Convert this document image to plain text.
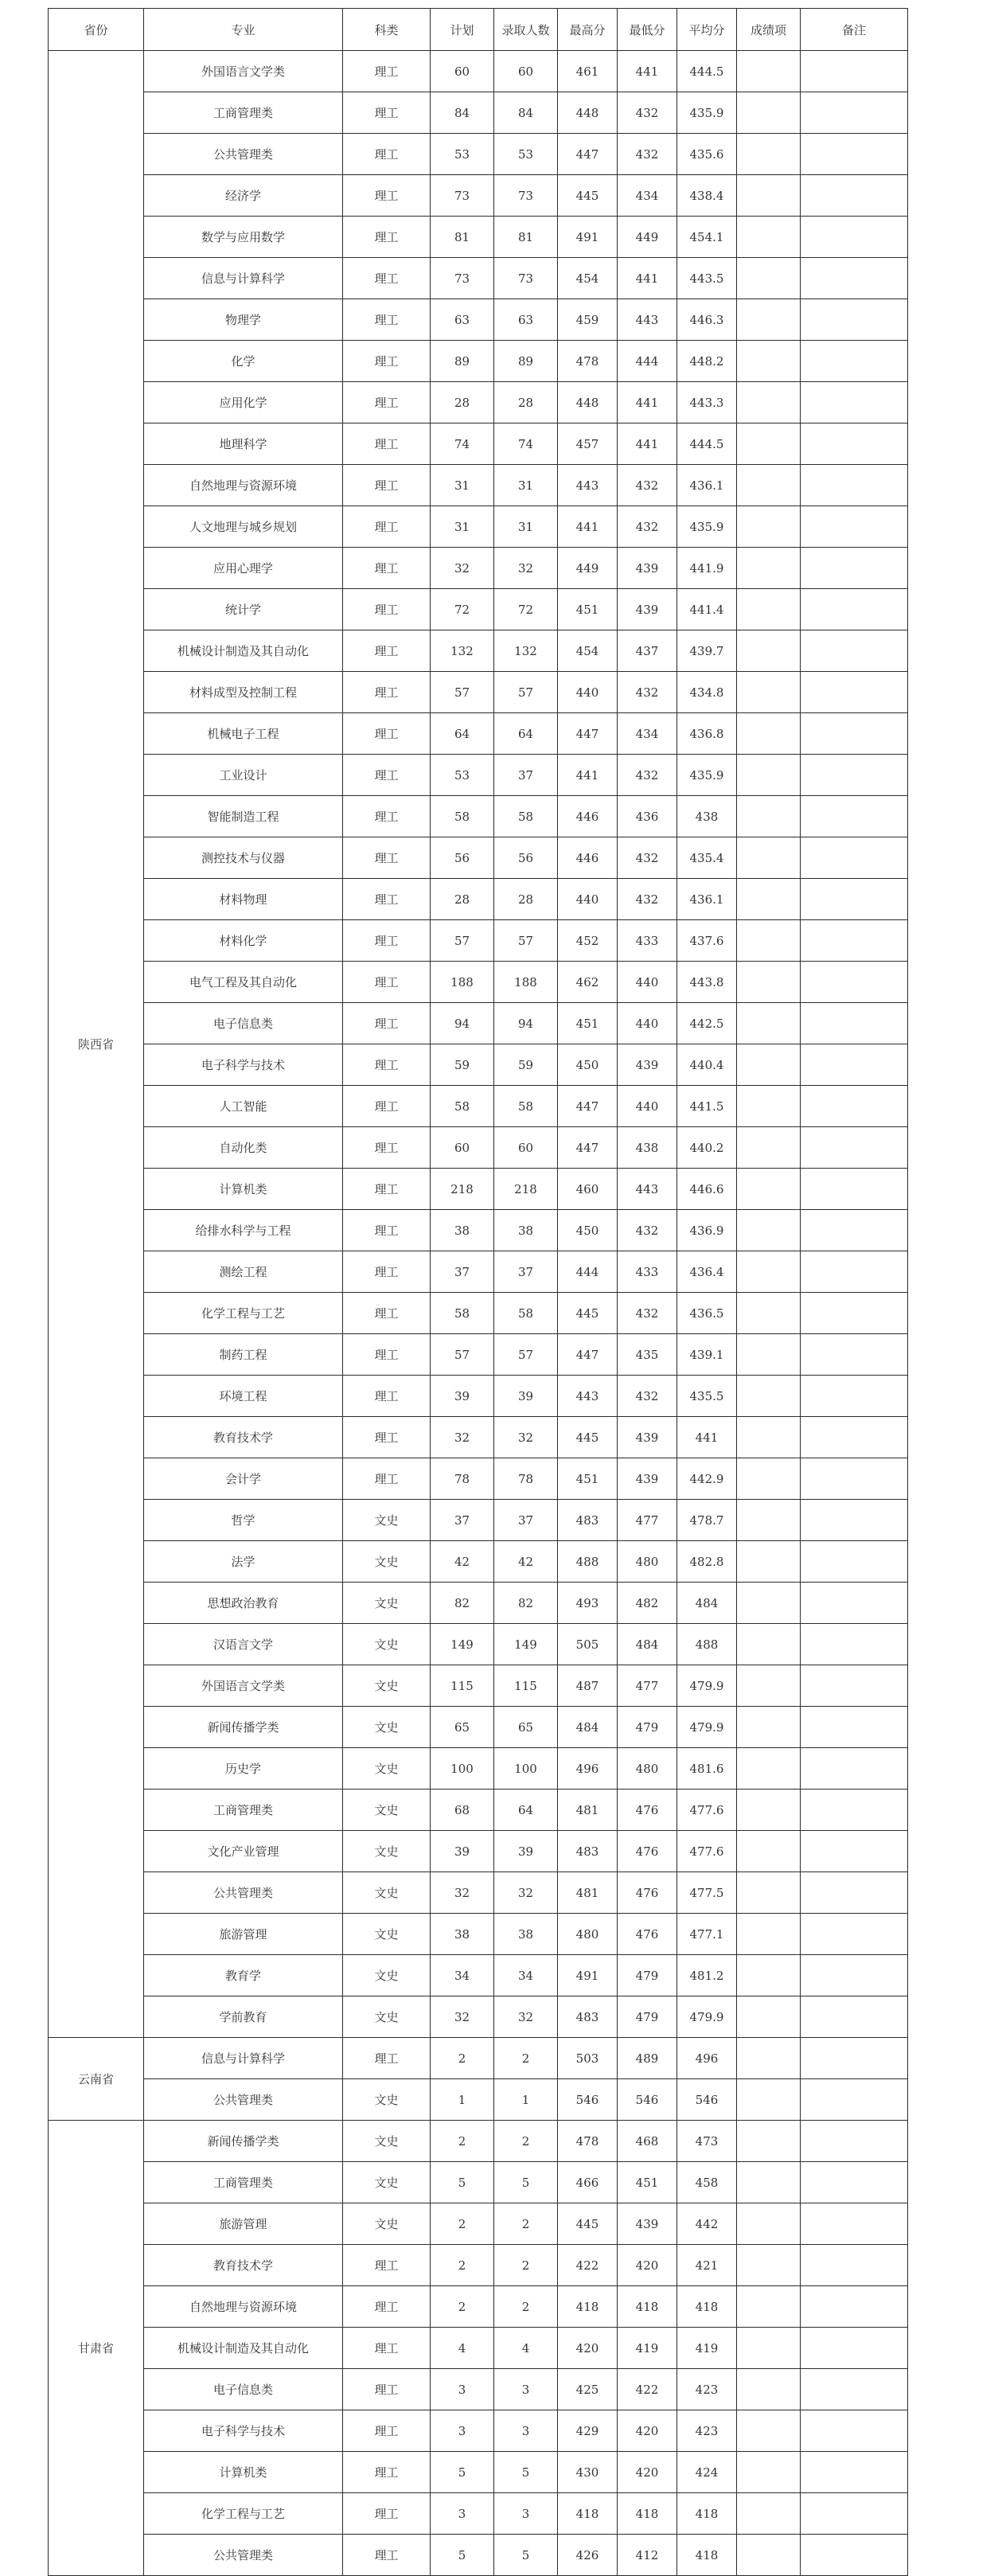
省份	专业	科类	计划	录取人数	最高分	最低分	平均分	成绩项	备注
陕西省	外国语言文学类	理工	60	60	461	441	444.5		
	工商管理类	理工	84	84	448	432	435.9		
	公共管理类	理工	53	53	447	432	435.6		
	经济学	理工	73	73	445	434	438.4		
	数学与应用数学	理工	81	81	491	449	454.1		
	信息与计算科学	理工	73	73	454	441	443.5		
	物理学	理工	63	63	459	443	446.3		
	化学	理工	89	89	478	444	448.2		
	应用化学	理工	28	28	448	441	443.3		
	地理科学	理工	74	74	457	441	444.5		
	自然地理与资源环境	理工	31	31	443	432	436.1		
	人文地理与城乡规划	理工	31	31	441	432	435.9		
	应用心理学	理工	32	32	449	439	441.9		
	统计学	理工	72	72	451	439	441.4		
	机械设计制造及其自动化	理工	132	132	454	437	439.7		
	材料成型及控制工程	理工	57	57	440	432	434.8		
	机械电子工程	理工	64	64	447	434	436.8		
	工业设计	理工	53	37	441	432	435.9		
	智能制造工程	理工	58	58	446	436	438		
	测控技术与仪器	理工	56	56	446	432	435.4		
	材料物理	理工	28	28	440	432	436.1		
	材料化学	理工	57	57	452	433	437.6		
	电气工程及其自动化	理工	188	188	462	440	443.8		
	电子信息类	理工	94	94	451	440	442.5		
	电子科学与技术	理工	59	59	450	439	440.4		
	人工智能	理工	58	58	447	440	441.5		
	自动化类	理工	60	60	447	438	440.2		
	计算机类	理工	218	218	460	443	446.6		
	给排水科学与工程	理工	38	38	450	432	436.9		
	测绘工程	理工	37	37	444	433	436.4		
	化学工程与工艺	理工	58	58	445	432	436.5		
	制药工程	理工	57	57	447	435	439.1		
	环境工程	理工	39	39	443	432	435.5		
	教育技术学	理工	32	32	445	439	441		
	会计学	理工	78	78	451	439	442.9		
	哲学	文史	37	37	483	477	478.7		
	法学	文史	42	42	488	480	482.8		
	思想政治教育	文史	82	82	493	482	484		
	汉语言文学	文史	149	149	505	484	488		
	外国语言文学类	文史	115	115	487	477	479.9		
	新闻传播学类	文史	65	65	484	479	479.9		
	历史学	文史	100	100	496	480	481.6		
	工商管理类	文史	68	64	481	476	477.6		
	文化产业管理	文史	39	39	483	476	477.6		
	公共管理类	文史	32	32	481	476	477.5		
	旅游管理	文史	38	38	480	476	477.1		
	教育学	文史	34	34	491	479	481.2		
	学前教育	文史	32	32	483	479	479.9		
云南省	信息与计算科学	理工	2	2	503	489	496		
	公共管理类	文史	1	1	546	546	546		
甘肃省	新闻传播学类	文史	2	2	478	468	473		
	工商管理类	文史	5	5	466	451	458		
	旅游管理	文史	2	2	445	439	442		
	教育技术学	理工	2	2	422	420	421		
	自然地理与资源环境	理工	2	2	418	418	418		
	机械设计制造及其自动化	理工	4	4	420	419	419		
	电子信息类	理工	3	3	425	422	423		
	电子科学与技术	理工	3	3	429	420	423		
	计算机类	理工	5	5	430	420	424		
	化学工程与工艺	理工	3	3	418	418	418		
	公共管理类	理工	5	5	426	412	418		
